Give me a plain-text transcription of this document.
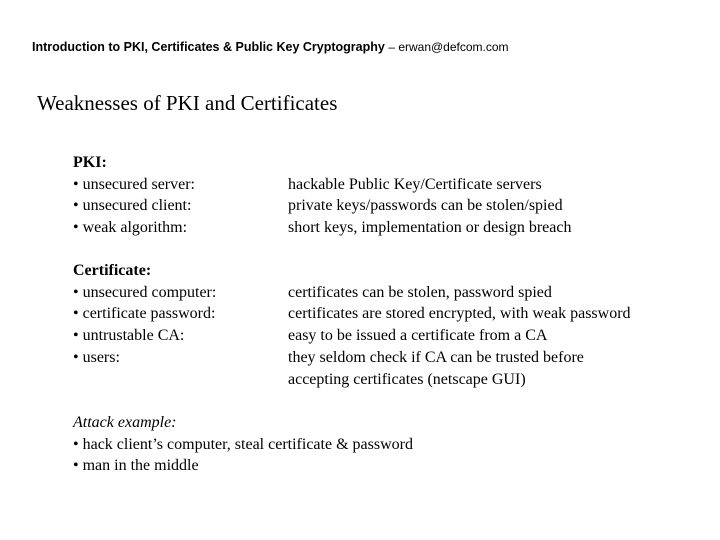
Introduction to PKI, Certificates & Public Key Cryptography – erwan@defcom.com
Weaknesses of PKI and Certificates
PKI:
• unsecured server:
• unsecured client:
• weak algorithm:
hackable Public Key/Certificate servers
private keys/passwords can be stolen/spied
short keys, implementation or design breach
Certificate:
• unsecured computer:
• certificate password:
• untrustable CA:
• users:
certificates can be stolen, password spied
certificates are stored encrypted, with weak password
easy to be issued a certificate from a CA
they seldom check if CA can be trusted before
accepting certificates (netscape GUI)
Attack example:
• hack client’s computer, steal certificate & password
• man in the middle
